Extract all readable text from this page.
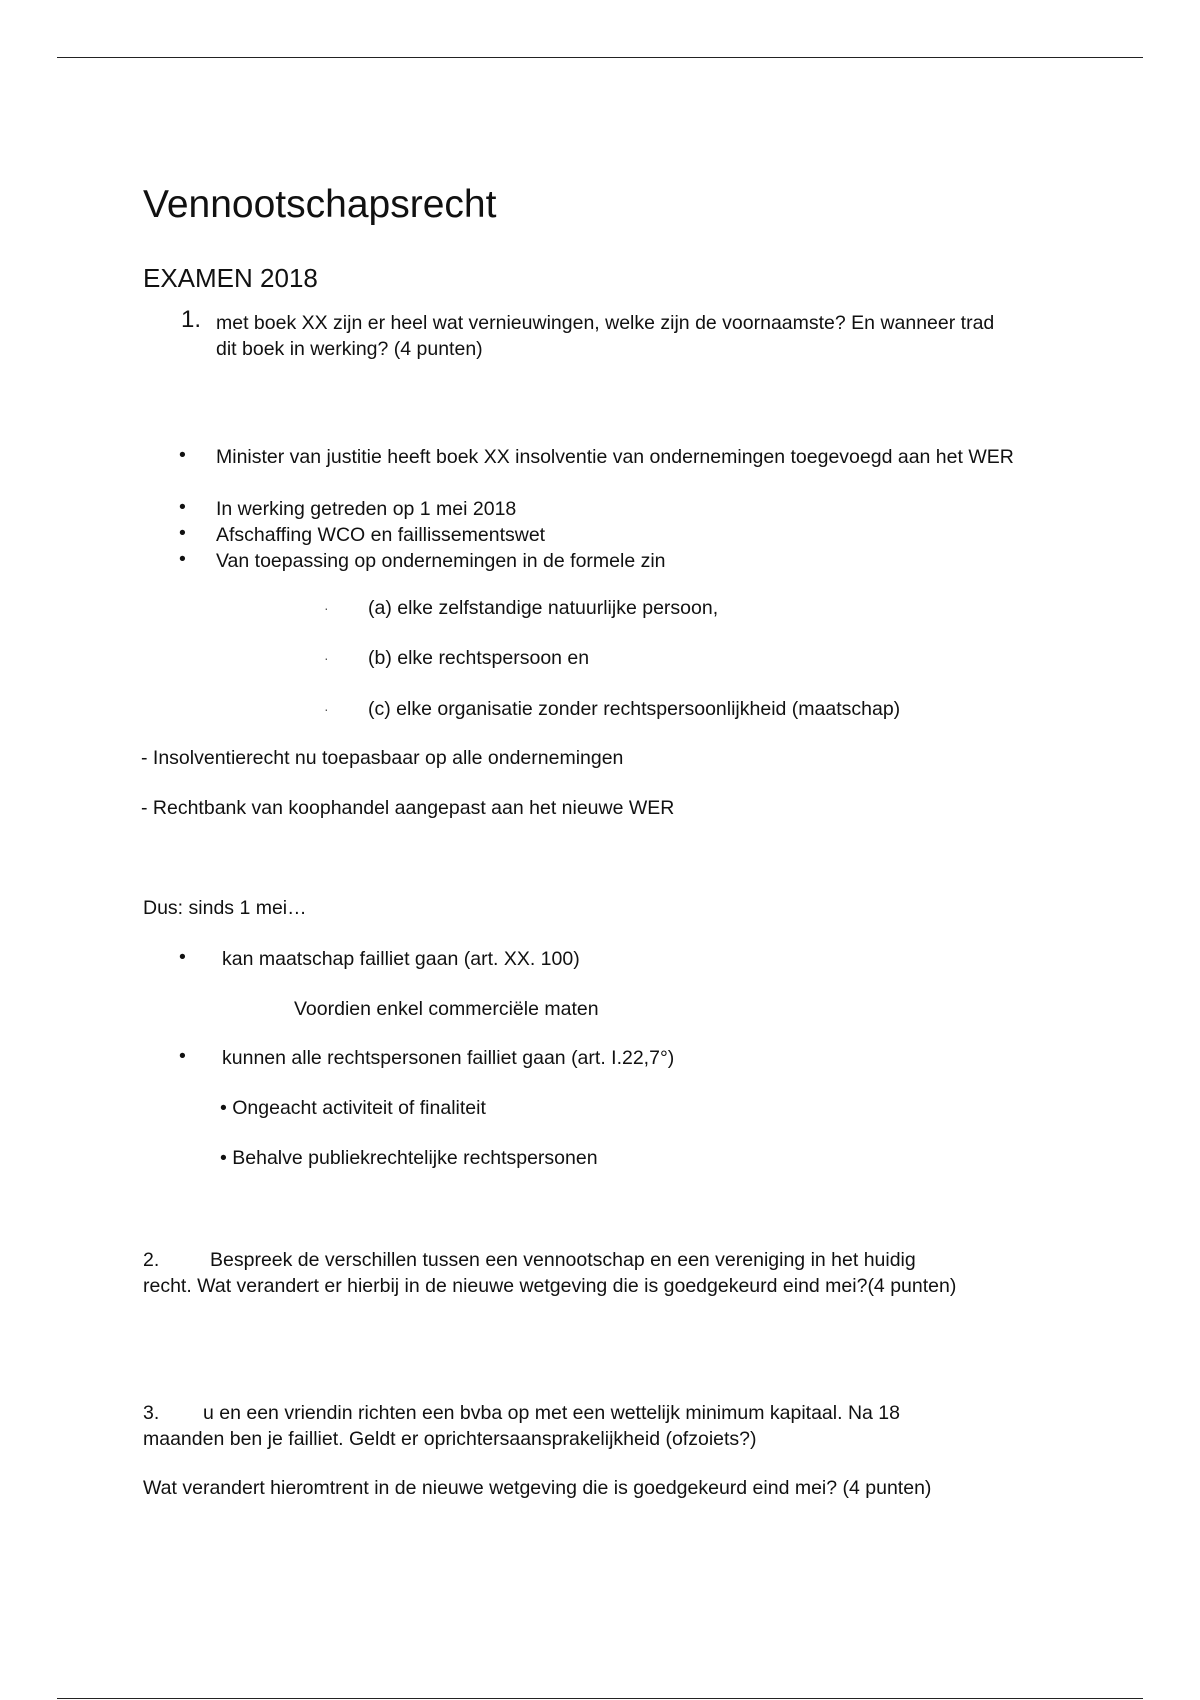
Vennootschapsrecht
EXAMEN 2018
1. met boek XX zijn er heel wat vernieuwingen, welke zijn de voornaamste? En wanneer trad dit boek in werking? (4 punten)
• Minister van justitie heeft boek XX insolventie van ondernemingen toegevoegd aan het WER
• In werking getreden op 1 mei 2018
• Afschaffing WCO en faillissementswet
• Van toepassing op ondernemingen in de formele zin
· (a) elke zelfstandige natuurlijke persoon,
· (b) elke rechtspersoon en
· (c) elke organisatie zonder rechtspersoonlijkheid (maatschap)
- Insolventierecht nu toepasbaar op alle ondernemingen
- Rechtbank van koophandel aangepast aan het nieuwe WER
Dus: sinds 1 mei…
• kan maatschap failliet gaan (art. XX. 100)
Voordien enkel commerciële maten
• kunnen alle rechtspersonen failliet gaan (art. I.22,7°)
• Ongeacht activiteit of finaliteit
• Behalve publiekrechtelijke rechtspersonen
2.	Bespreek de verschillen tussen een vennootschap en een vereniging in het huidig
recht. Wat verandert er hierbij in de nieuwe wetgeving die is goedgekeurd eind mei?(4 punten)
3. u en een vriendin richten een bvba op met een wettelijk minimum kapitaal. Na 18
maanden ben je failliet. Geldt er oprichtersaansprakelijkheid (ofzoiets?)
Wat verandert hieromtrent in de nieuwe wetgeving die is goedgekeurd eind mei? (4 punten)
